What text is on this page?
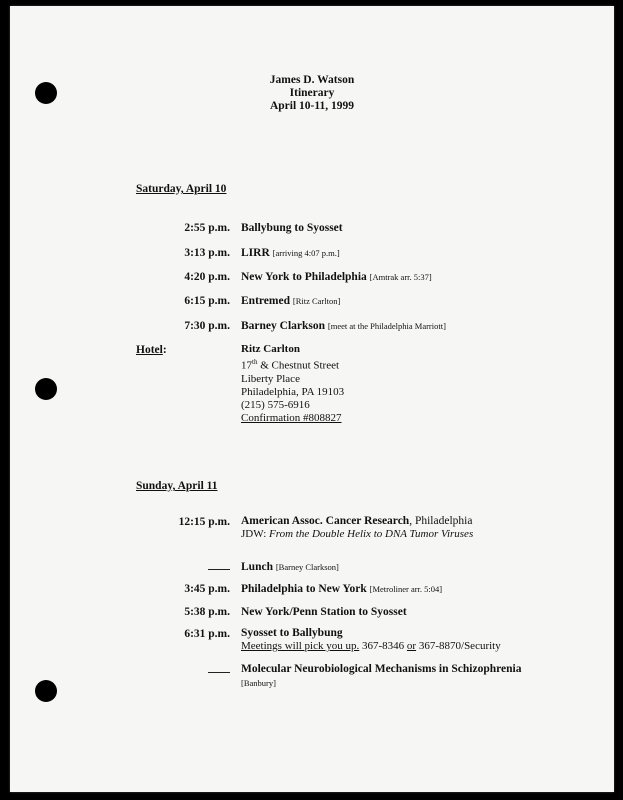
James D. Watson
Itinerary
April 10-11, 1999
Saturday, April 10
2:55 p.m. Ballybung to Syosset
3:13 p.m. LIRR [arriving 4:07 p.m.]
4:20 p.m. New York to Philadelphia [Amtrak arr. 5:37]
6:15 p.m. Entremed [Ritz Carlton]
7:30 p.m. Barney Clarkson [meet at the Philadelphia Marriott]
Hotel:	Ritz Carlton
17th & Chestnut Street
Liberty Place
Philadelphia, PA 19103
(215) 575-6916
Confirmation #808827
Sunday, April 11
12:15 p.m. American Assoc. Cancer Research, Philadelphia
JDW: From the Double Helix to DNA Tumor Viruses
Lunch [Barney Clarkson]
3:45 p.m. Philadelphia to New York [Metroliner arr. 5:04]
5:38 p.m. New York/Penn Station to Syosset
6:31 p.m. Syosset to Ballybung
Meetings will pick you up. 367-8346 or 367-8870/Security
Molecular Neurobiological Mechanisms in Schizophrenia
[Banbury]
